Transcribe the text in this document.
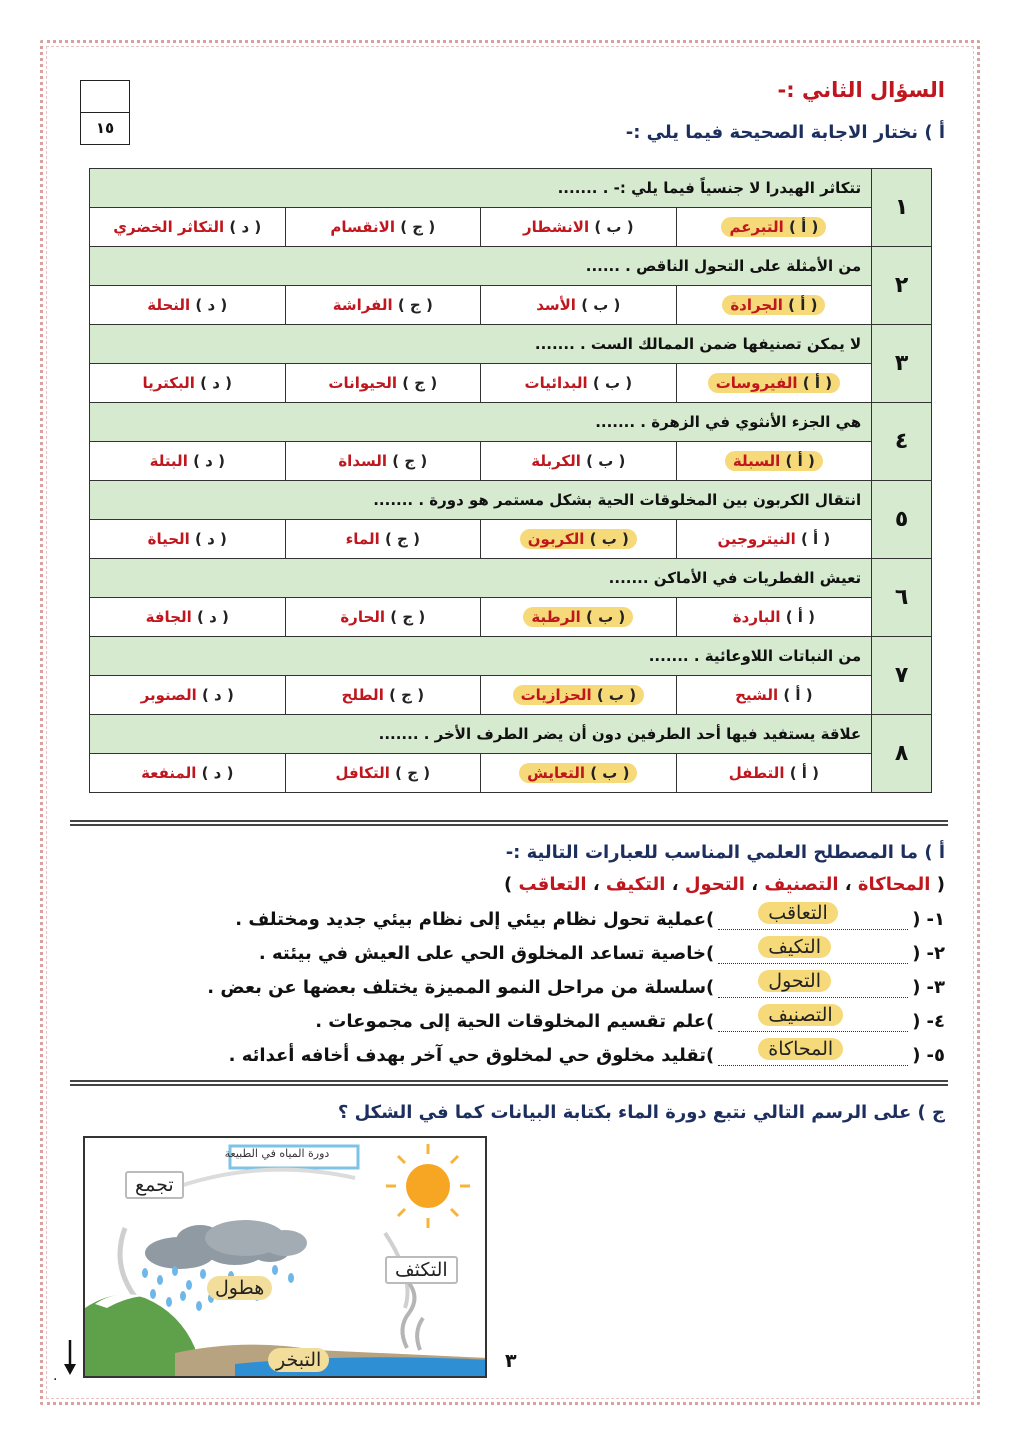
١٥
السؤال الثاني :-
أ ) نختار الاجابة الصحيحة فيما يلي :-
١	تتكاثر الهيدرا لا جنسياً فيما يلي :- . .......			
	( أ ) التبرعم	( ب ) الانشطار	( ج ) الانقسام	( د ) التكاثر الخضري
٢	من الأمثلة على التحول الناقص . ......			
	( أ ) الجرادة	( ب ) الأسد	( ج ) الفراشة	( د ) النحلة
٣	لا يمكن تصنيفها ضمن الممالك الست . .......			
	( أ ) الفيروسات	( ب ) البدائيات	( ج ) الحيوانات	( د ) البكتريا
٤	هي الجزء الأنثوي في الزهرة . .......			
	( أ ) السبلة	( ب ) الكربلة	( ج ) السداة	( د ) البتلة
٥	انتقال الكربون بين المخلوقات الحية بشكل مستمر هو دورة . .......			
	( أ ) النيتروجين	( ب ) الكربون	( ج ) الماء	( د ) الحياة
٦	تعيش الفطريات في الأماكن .......			
	( أ ) الباردة	( ب ) الرطبة	( ج ) الحارة	( د ) الجافة
٧	من النباتات اللاوعائية . .......			
	( أ ) الشيح	( ب ) الحزازيات	( ج ) الطلح	( د ) الصنوبر
٨	علاقة يستفيد فيها أحد الطرفين دون أن يضر الطرف الأخر . .......			
	( أ ) التطفل	( ب ) التعايش	( ج ) التكافل	( د ) المنفعة
أ ) ما المصطلح العلمي المناسب للعبارات التالية :-
( المحاكاة ، التصنيف ، التحول ، التكيف ، التعاقب )
١-
(
التعاقب
)
عملية تحول نظام بيئي إلى نظام بيئي جديد ومختلف .
٢-
(
التكيف
)
خاصية تساعد المخلوق الحي على العيش في بيئته .
٣-
(
التحول
)
سلسلة من مراحل النمو المميزة يختلف بعضها عن بعض .
٤-
(
التصنيف
)
علم تقسيم المخلوقات الحية إلى مجموعات .
٥-
(
المحاكاة
)
تقليد مخلوق حي لمخلوق حي آخر بهدف أخافه أعدائه .
ج ) على الرسم التالي نتبع دورة الماء بكتابة البيانات كما في الشكل ؟
دورة المياه في الطبيعة
تجمع
التكثف
هطول
التبخر	٣
.
